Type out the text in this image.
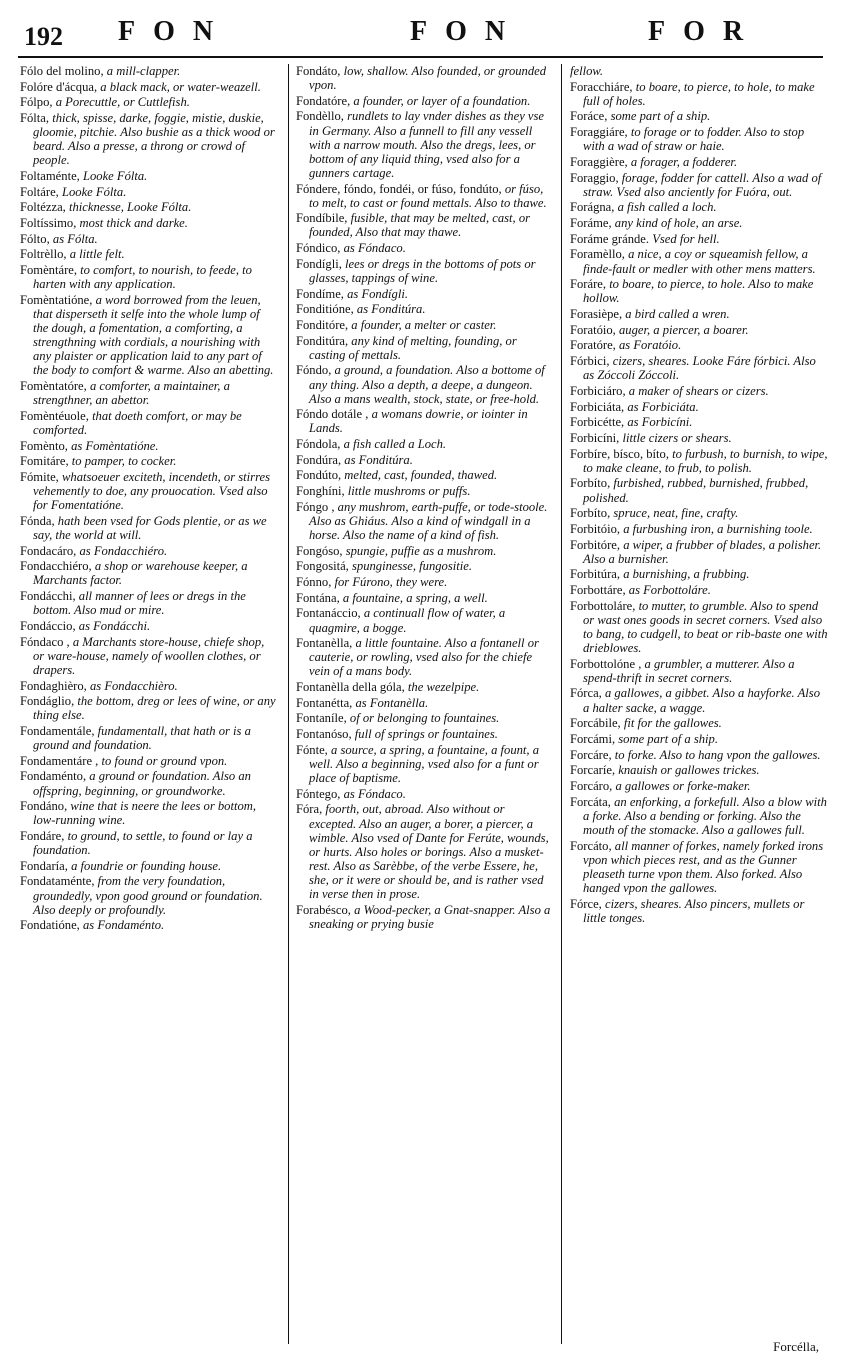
192 FON	FON	FOR

Fólo del molino, a mill-clapper.

Folóre d'ácqua, a black mack, or water-weazell.

Fólpo, a Porecuttle, or Cuttlefish.

Fólta, thick, spisse, darke, foggie, mistie, duskie, gloomie, pitchie. Also bushie as a thick wood or beard. Also a presse, a throng or crowd of people.

Foltaménte, Looke Fólta.

Foltáre, Looke Fólta.

Foltézza, thicknesse, Looke Fólta.

Foltíssimo, most thick and darke.

Fólto, as Fólta.

Foltrèllo, a little felt.

Fomèntáre, to comfort, to nourish, to feede, to harten with any application.

Fomèntatióne, a word borrowed from the leuen, that disperseth it selfe into the whole lump of the dough, a fomentation, a comforting, a strengthning with cordials, a nourishing with any plaister or application laid to any part of the body to comfort & warme. Also an abetting.

Fomèntatóre, a comforter, a maintainer, a strengthner, an abettor.

Fomèntéuole, that doeth comfort, or may be comforted.

Fomènto, as Fomèntatióne.

Fomitáre, to pamper, to cocker.

Fómite, whatsoeuer exciteth, incendeth, or stirres vehemently to doe, any prouocation. Vsed also for Fomentatióne.

Fónda, hath been vsed for Gods plentie, or as we say, the world at will.

Fondacáro, as Fondacchiéro.

Fondacchiéro, a shop or warehouse keeper, a Marchants factor.

Fondácchi, all manner of lees or dregs in the bottom. Also mud or mire.

Fondáccio, as Fondácchi.

Fóndaco , a Marchants store-house, chiefe shop, or ware-house, namely of woollen clothes, or drapers.

Fondaghièro, as Fondacchièro.

Fondáglio, the bottom, dreg or lees of wine, or any thing else.

Fondamentále, fundamentall, that hath or is a ground and foundation.

Fondamentáre , to found or ground vpon.

Fondaménto, a ground or foundation. Also an offspring, beginning, or groundworke.

Fondáno, wine that is neere the lees or bottom, low-running wine.

Fondáre, to ground, to settle, to found or lay a foundation.

Fondaría, a foundrie or founding house.

Fondataménte, from the very foundation, groundedly, vpon good ground or foundation. Also deeply or profoundly.

Fondatióne, as Fondaménto.

Fondáto, low, shallow. Also founded, or grounded vpon.

Fondatóre, a founder, or layer of a foundation.

Fondèllo, rundlets to lay vnder dishes as they vse in Germany. Also a funnell to fill any vessell with a narrow mouth. Also the dregs, lees, or bottom of any liquid thing, vsed also for a gunners cartage.

Fóndere, fóndo, fondéi, or fúso, fondúto, or fúso, to melt, to cast or found mettals. Also to thawe.

Fondíbile, fusible, that may be melted, cast, or founded, Also that may thawe.

Fóndico, as Fóndaco.

Fondígli, lees or dregs in the bottoms of pots or glasses, tappings of wine.

Fondíme, as Fondígli.

Fonditióne, as Fonditúra.

Fonditóre, a founder, a melter or caster.

Fonditúra, any kind of melting, founding, or casting of mettals.

Fóndo, a ground, a foundation. Also a bottome of any thing. Also a depth, a deepe, a dungeon. Also a mans wealth, stock, state, or free-hold.

Fóndo dotále , a womans dowrie, or iointer in Lands.

Fóndola, a fish called a Loch.

Fondúra, as Fonditúra.

Fondúto, melted, cast, founded, thawed.

Fonghíni, little mushroms or puffs.

Fóngo , any mushrom, earth-puffe, or tode-stoole. Also as Ghiáus. Also a kind of windgall in a horse. Also the name of a kind of fish.

Fongóso, spungie, puffie as a mushrom.

Fongositá, spunginesse, fungositie.

Fónno, for Fúrono, they were.

Fontána, a fountaine, a spring, a well.

Fontanáccio, a continuall flow of water, a quagmire, a bogge.

Fontanèlla, a little fountaine. Also a fontanell or cauterie, or rowling, vsed also for the chiefe vein of a mans body.

Fontanèlla della góla, the wezelpipe.

Fontanétta, as Fontanèlla.

Fontaníle, of or belonging to fountaines.

Fontanóso, full of springs or fountaines.

Fónte, a source, a spring, a fountaine, a fount, a well. Also a beginning, vsed also for a funt or place of baptisme.

Fóntego, as Fóndaco.

Fóra, foorth, out, abroad. Also without or excepted. Also an auger, a borer, a piercer, a wimble. Also vsed of Dante for Ferúte, wounds, or hurts. Also holes or borings. Also a musket-rest. Also as Sarèbbe, of the verbe Essere, he, she, or it were or should be, and is rather vsed in verse then in prose.

Forabésco, a Wood-pecker, a Gnat-snapper. Also a sneaking or prying busie

fellow.

Foracchiáre, to boare, to pierce, to hole, to make full of holes.

Foráce, some part of a ship.

Foraggiáre, to forage or to fodder. Also to stop with a wad of straw or haie.

Foraggière, a forager, a fodderer.

Foraggio, forage, fodder for cattell. Also a wad of straw. Vsed also anciently for Fuóra, out.

Forágna, a fish called a loch.

Foráme, any kind of hole, an arse.

Foráme gránde. Vsed for hell.

Foramèllo, a nice, a coy or squeamish fellow, a finde-fault or medler with other mens matters.

Foráre, to boare, to pierce, to hole. Also to make hollow.

Forasièpe, a bird called a wren.

Foratóio, auger, a piercer, a boarer.

Foratóre, as Foratóio.

Fórbici, cizers, sheares. Looke Fáre fórbici. Also as Zóccoli Zóccoli.

Forbiciáro, a maker of shears or cizers.

Forbiciáta, as Forbiciáta.

Forbicétte, as Forbicíni.

Forbicíni, little cizers or shears.

Forbíre, bísco, bíto, to furbush, to burnish, to wipe, to make cleane, to frub, to polish.

Forbíto, furbished, rubbed, burnished, frubbed, polished.

Forbíto, spruce, neat, fine, crafty.

Forbitóio, a furbushing iron, a burnishing toole.

Forbitóre, a wiper, a frubber of blades, a polisher. Also a burnisher.

Forbitúra, a burnishing, a frubbing.

Forbottáre, as Forbottoláre.

Forbottoláre, to mutter, to grumble. Also to spend or wast ones goods in secret corners. Vsed also to bang, to cudgell, to beat or rib-baste one with drieblowes.

Forbottolóne , a grumbler, a mutterer. Also a spend-thrift in secret corners.

Fórca, a gallowes, a gibbet. Also a hayforke. Also a halter sacke, a wagge.

Forcábile, fit for the gallowes.

Forcámi, some part of a ship.

Forcáre, to forke. Also to hang vpon the gallowes.

Forcaríe, knauish or gallowes trickes.

Forcáro, a gallowes or forke-maker.

Forcáta, an enforking, a forkefull. Also a blow with a forke. Also a bending or forking. Also the mouth of the stomacke. Also a gallowes full.

Forcáto, all manner of forkes, namely forked irons vpon which pieces rest, and as the Gunner pleaseth turne vpon them. Also forked. Also hanged vpon the gallowes.

Fórce, cizers, sheares. Also pincers, mullets or little tonges.

Forcélla,
